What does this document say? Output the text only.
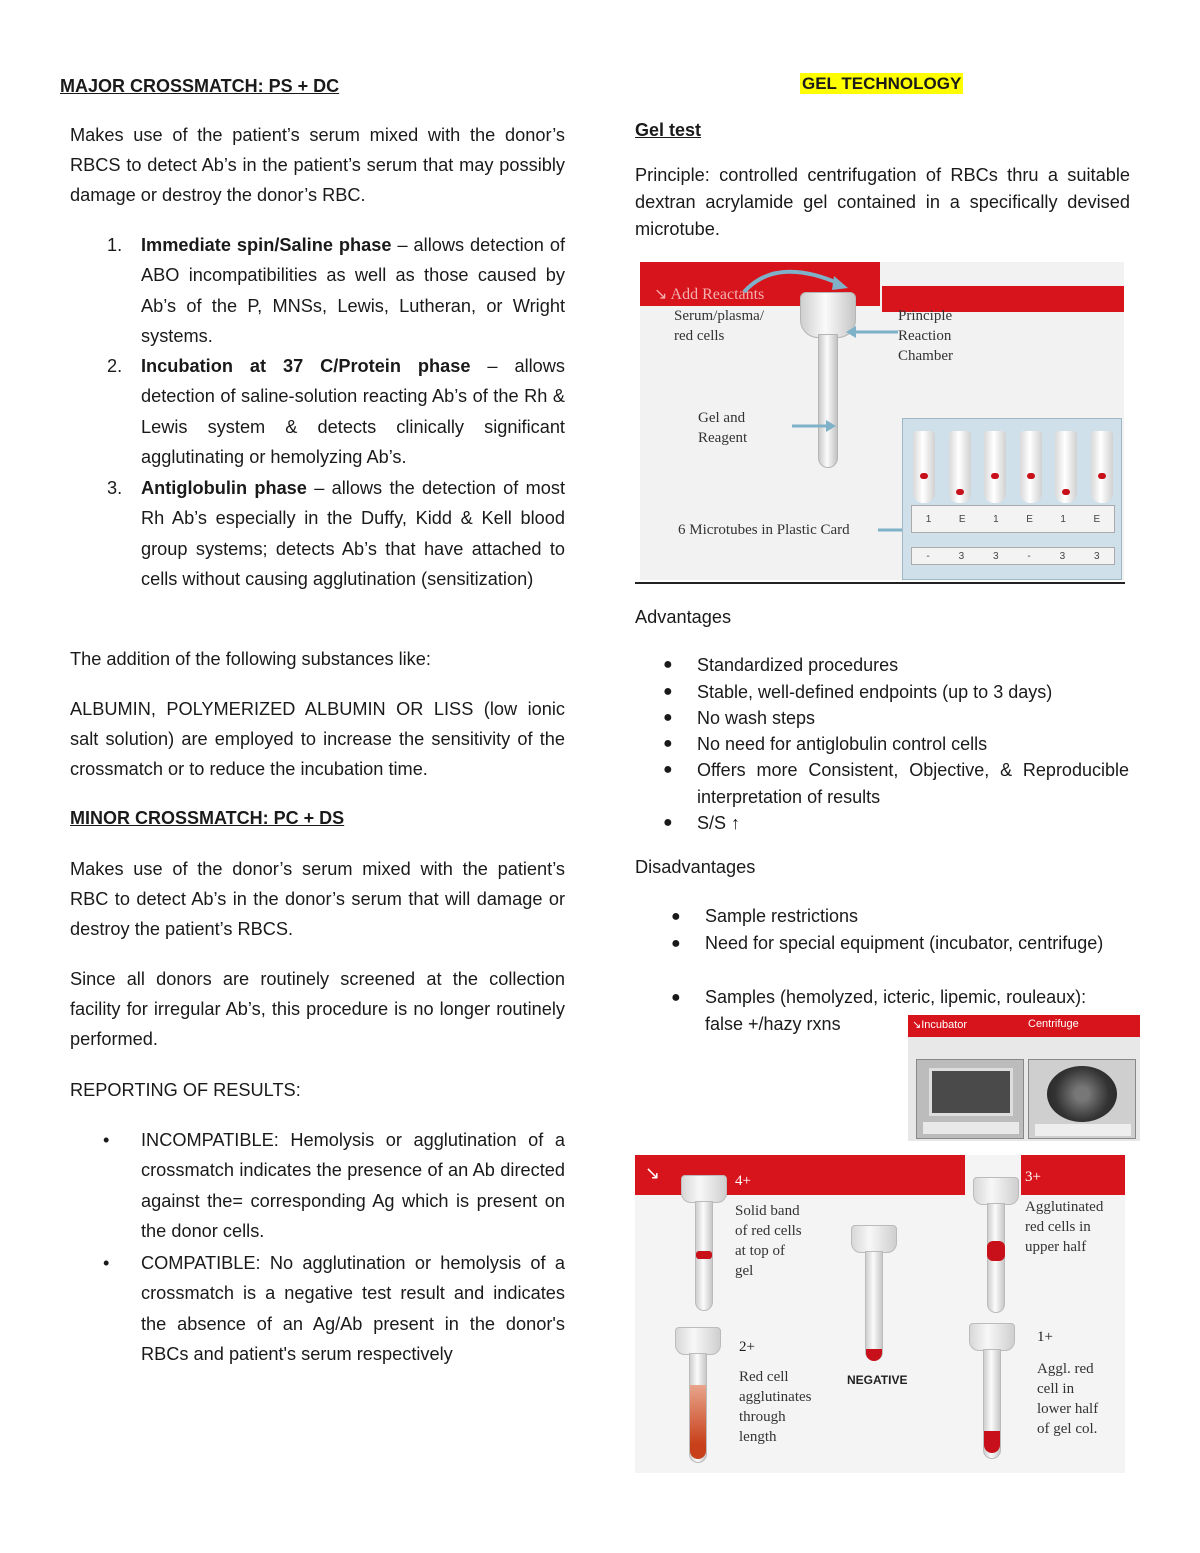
MAJOR CROSSMATCH: PS + DC
Makes use of the patient’s serum mixed with the donor’s RBCS to detect Ab’s in the patient’s serum that may possibly damage or destroy the donor’s RBC.
1. Immediate spin/Saline phase – allows detection of ABO incompatibilities as well as those caused by Ab’s of the P, MNSs, Lewis, Lutheran, or Wright systems.
2. Incubation at 37 C/Protein phase – allows detection of saline-solution reacting Ab’s of the Rh & Lewis system & detects clinically significant agglutinating or hemolyzing Ab’s.
3. Antiglobulin phase – allows the detection of most Rh Ab’s especially in the Duffy, Kidd & Kell blood group systems; detects Ab’s that have attached to cells without causing agglutination (sensitization)
The addition of the following substances like:
ALBUMIN, POLYMERIZED ALBUMIN OR LISS (low ionic salt solution) are employed to increase the sensitivity of the crossmatch or to reduce the incubation time.
MINOR CROSSMATCH: PC + DS
Makes use of the donor’s serum mixed with the patient’s RBC to detect Ab’s in the donor’s serum that will damage or destroy the patient’s RBCS.
Since all donors are routinely screened at the collection facility for irregular Ab’s, this procedure is no longer routinely performed.
REPORTING OF RESULTS:
• INCOMPATIBLE: Hemolysis or agglutination of a crossmatch indicates the presence of an Ab directed against the= corresponding Ag which is present on the donor cells.
• COMPATIBLE: No agglutination or hemolysis of a crossmatch is a negative test result and indicates the absence of an Ag/Ab present in the donor's RBCs and patient's serum respectively
GEL TECHNOLOGY
Gel test
Principle: controlled centrifugation of RBCs thru a suitable dextran acrylamide gel contained in a specifically devised microtube.
↘ Add Reactants
Serum/plasma/
red cells
Principle
Reaction
Chamber
Gel and
Reagent
6 Microtubes in Plastic Card
1	E	1	E	1	E
-	3	3	-	3	3
Advantages
● Standardized procedures
● Stable, well-defined endpoints (up to 3 days)
● No wash steps
● No need for antiglobulin control cells
● Offers more Consistent, Objective, & Reproducible interpretation of results
● S/S ↑
Disadvantages
● Sample restrictions
● Need for special equipment (incubator, centrifuge)
● Samples (hemolyzed, icteric, lipemic, rouleaux): false +/hazy rxns	↘Incubator	Centrifuge
↘	4+
Solid band
of red cells
at top of
gel
NEGATIVE
3+
Agglutinated
red cells in
upper half
2+
Red cell
agglutinates
through
length
1+
Aggl. red
cell in
lower half
of gel col.
